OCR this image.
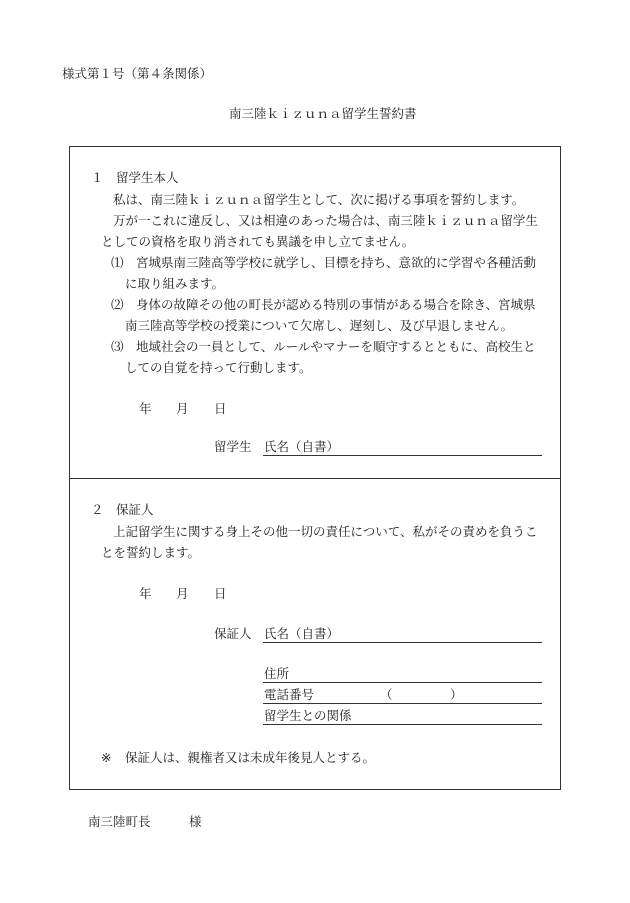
様式第１号（第４条関係）
南三陸ｋｉｚｕｎａ留学生誓約書
１　留学生本人
私は、南三陸ｋｉｚｕｎａ留学生として、次に掲げる事項を誓約します。
万が一これに違反し、又は相違のあった場合は、南三陸ｋｉｚｕｎａ留学生
としての資格を取り消されても異議を申し立てません。
⑴ 宮城県南三陸高等学校に就学し、目標を持ち、意欲的に学習や各種活動
に取り組みます。
⑵ 身体の故障その他の町長が認める特別の事情がある場合を除き、宮城県
南三陸高等学校の授業について欠席し、遅刻し、及び早退しません。
⑶ 地域社会の一員として、ルールやマナーを順守するとともに、高校生と
しての自覚を持って行動します。
年 月 日
留学生 氏名（自書）
２　保証人
上記留学生に関する身上その他一切の責任について、私がその責めを負うこ
とを誓約します。
年 月 日
保証人 氏名（自書）
住所
電話番号	（	）
留学生との関係
※ 保証人は、親権者又は未成年後見人とする。
南三陸町長	様
